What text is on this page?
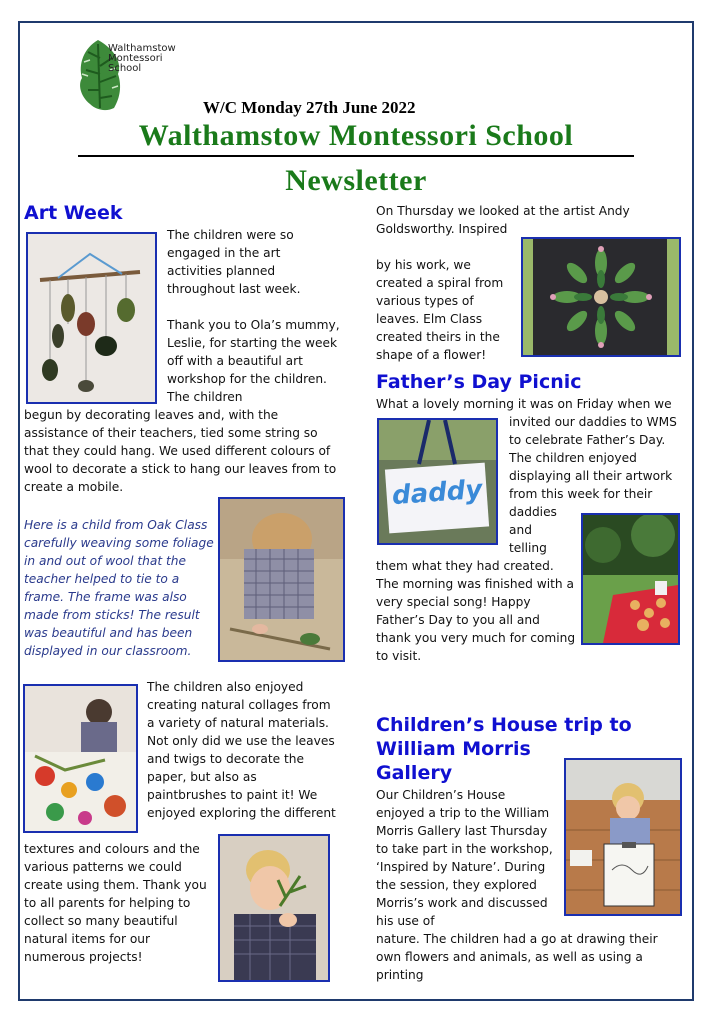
Walthamstow
Montessori
School
W/C Monday 27th June 2022
Walthamstow Montessori School
Newsletter
Art Week
The children were so engaged in the art activities planned throughout last week.
Thank you to Ola’s mummy, Leslie, for starting the week off with a beautiful art workshop for the children. The children
begun by decorating leaves and, with the assistance of their teachers, tied some string so that they could hang. We used different colours of wool to decorate a stick to hang our leaves from to create a mobile.
Here is a child from Oak Class carefully weaving some foliage in and out of wool that the teacher helped to tie to a frame. The frame was also made from sticks! The result was beautiful and has been displayed in our classroom.
The children also enjoyed creating natural collages from a variety of natural materials. Not only did we use the leaves and twigs to decorate the paper, but also as paintbrushes to paint it! We enjoyed exploring the different
textures and colours and the various patterns we could create using them. Thank you to all parents for helping to collect so many beautiful natural items for our numerous projects!
On Thursday we looked at the artist Andy Goldsworthy. Inspired
by his work, we created a spiral from various types of leaves. Elm Class created theirs in the shape of a flower!
Father’s Day Picnic
What a lovely morning it was on Friday when we
daddy
invited our daddies to WMS to celebrate Father’s Day. The children enjoyed displaying all their artwork from this week for their
daddies
and
telling
them what they had created. The morning was finished with a very special song! Happy Father’s Day to you all and thank you very much for coming to visit.
Children’s House trip to
William Morris
Gallery
Our Children’s House enjoyed a trip to the William Morris Gallery last Thursday to take part in the workshop, ‘Inspired by Nature’. During the session, they explored Morris’s work and discussed his use of
nature. The children had a go at drawing their own flowers and animals, as well as using a printing
